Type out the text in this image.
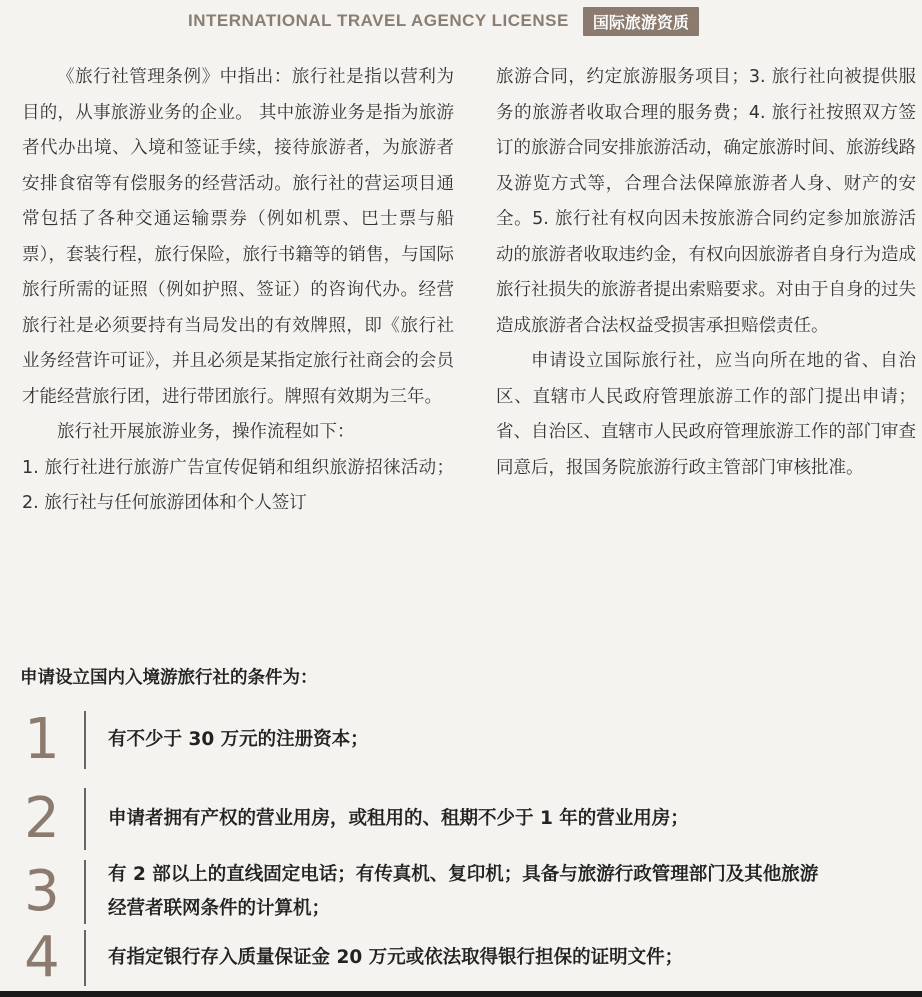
INTERNATIONAL TRAVEL AGENCY LICENSE	国际旅游资质

《旅行社管理条例》中指出：旅行社是指以营利为目的，从事旅游业务的企业。 其中旅游业务是指为旅游者代办出境、入境和签证手续，接待旅游者，为旅游者安排食宿等有偿服务的经营活动。旅行社的营运项目通常包括了各种交通运输票券（例如机票、巴士票与船票），套装行程，旅行保险，旅行书籍等的销售，与国际旅行所需的证照（例如护照、签证）的咨询代办。经营旅行社是必须要持有当局发出的有效牌照，即《旅行社业务经营许可证》，并且必须是某指定旅行社商会的会员才能经营旅行团，进行带团旅行。牌照有效期为三年。

旅行社开展旅游业务，操作流程如下：

1. 旅行社进行旅游广告宣传促销和组织旅游招徕活动；2. 旅行社与任何旅游团体和个人签订

旅游合同，约定旅游服务项目；3. 旅行社向被提供服务的旅游者收取合理的服务费；4. 旅行社按照双方签订的旅游合同安排旅游活动，确定旅游时间、旅游线路及游览方式等，合理合法保障旅游者人身、财产的安全。5. 旅行社有权向因未按旅游合同约定参加旅游活动的旅游者收取违约金，有权向因旅游者自身行为造成旅行社损失的旅游者提出索赔要求。对由于自身的过失造成旅游者合法权益受损害承担赔偿责任。

申请设立国际旅行社，应当向所在地的省、自治区、直辖市人民政府管理旅游工作的部门提出申请； 省、自治区、直辖市人民政府管理旅游工作的部门审查同意后，报国务院旅游行政主管部门审核批准。

申请设立国内入境游旅行社的条件为：
1	有不少于 30 万元的注册资本；
2	申请者拥有产权的营业用房，或租用的、租期不少于 1 年的营业用房；
3	有 2 部以上的直线固定电话；有传真机、复印机；具备与旅游行政管理部门及其他旅游经营者联网条件的计算机；
4	有指定银行存入质量保证金 20 万元或依法取得银行担保的证明文件；
